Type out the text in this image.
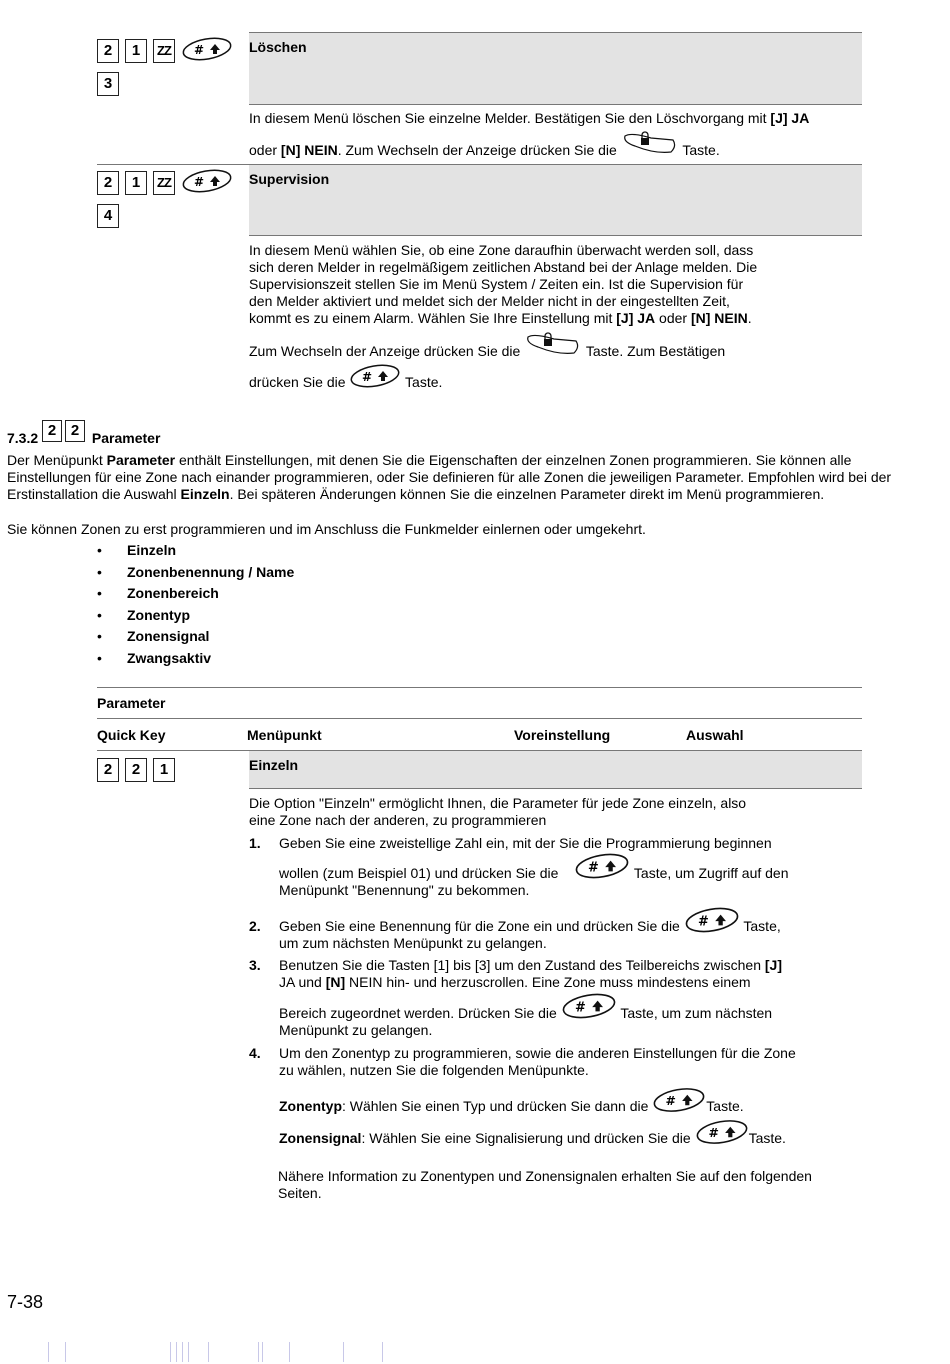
2 1 ZZ #
3
Löschen
In diesem Menü löschen Sie einzelne Melder. Bestätigen Sie den Löschvorgang mit [J] JA
oder [N] NEIN. Zum Wechseln der Anzeige drücken Sie die	Taste.
2 1 ZZ #
4
Supervision
In diesem Menü wählen Sie, ob eine Zone daraufhin überwacht werden soll, dass
sich deren Melder in regelmäßigem zeitlichen Abstand bei der Anlage melden. Die
Supervisionszeit stellen Sie im Menü System / Zeiten ein. Ist die Supervision für
den Melder aktiviert und meldet sich der Melder nicht in der eingestellten Zeit,
kommt es zu einem Alarm. Wählen Sie Ihre Einstellung mit [J] JA oder [N] NEIN.
Zum Wechseln der Anzeige drücken Sie die	Taste. Zum Bestätigen
drücken Sie die # Taste.
7.3.2 2 2 Parameter
Der Menüpunkt Parameter enthält Einstellungen, mit denen Sie die Eigenschaften der einzelnen Zonen programmieren. Sie können alle Einstellungen für eine Zone nach einander programmieren, oder Sie definieren für alle Zonen die jeweiligen Parameter. Empfohlen wird bei der Erstinstallation die Auswahl Einzeln. Bei späteren Änderungen können Sie die einzelnen Parameter direkt im Menü programmieren.
Sie können Zonen zu erst programmieren und im Anschluss die Funkmelder einlernen oder umgekehrt.
• Einzeln
• Zonenbenennung / Name
• Zonenbereich
• Zonentyp
• Zonensignal
• Zwangsaktiv
Parameter
Quick Key	Menüpunkt	Voreinstellung	Auswahl
2 2 1	Einzeln
Die Option "Einzeln" ermöglicht Ihnen, die Parameter für jede Zone einzeln, also
eine Zone nach der anderen, zu programmieren
1. Geben Sie eine zweistellige Zahl ein, mit der Sie die Programmierung beginnen
wollen (zum Beispiel 01) und drücken Sie die # Taste, um Zugriff auf den
Menüpunkt "Benennung" zu bekommen.
2. Geben Sie eine Benennung für die Zone ein und drücken Sie die # Taste,
um zum nächsten Menüpunkt zu gelangen.
3. Benutzen Sie die Tasten [1] bis [3] um den Zustand des Teilbereichs zwischen [J]
JA und [N] NEIN hin- und herzuscrollen. Eine Zone muss mindestens einem
Bereich zugeordnet werden. Drücken Sie die # Taste, um zum nächsten
Menüpunkt zu gelangen.
4. Um den Zonentyp zu programmieren, sowie die anderen Einstellungen für die Zone
zu wählen, nutzen Sie die folgenden Menüpunkte.
Zonentyp: Wählen Sie einen Typ und drücken Sie dann die # Taste.
Zonensignal: Wählen Sie eine Signalisierung und drücken Sie die # Taste.
Nähere Information zu Zonentypen und Zonensignalen erhalten Sie auf den folgenden
Seiten.
7-38
